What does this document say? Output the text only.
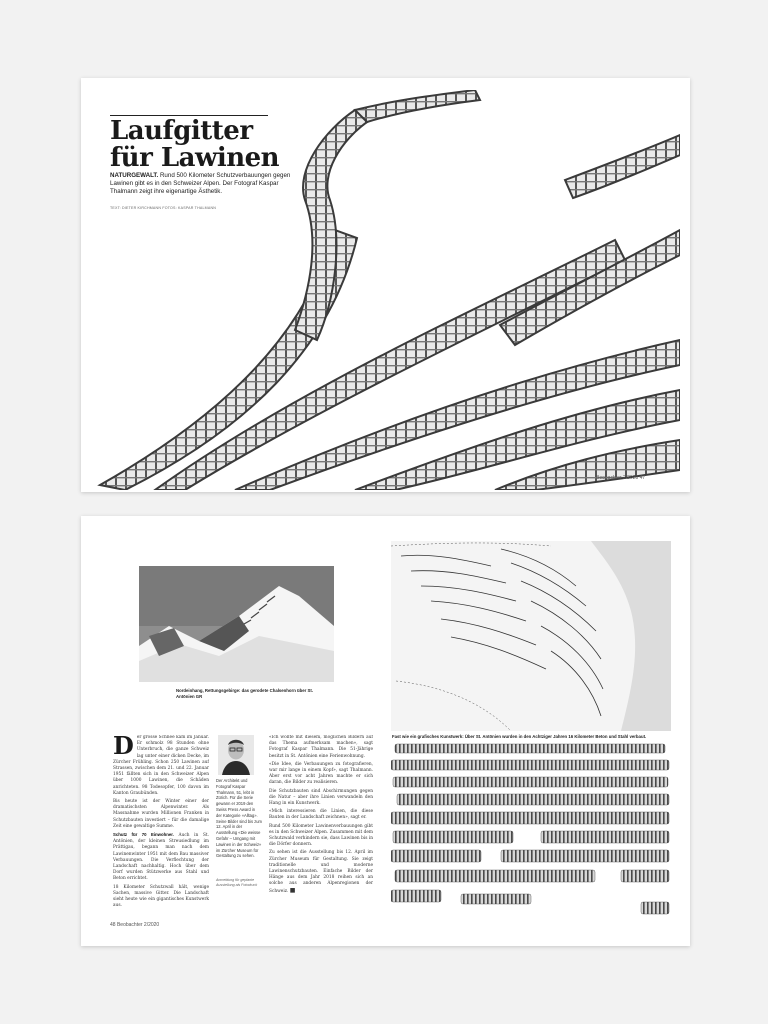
Laufgitter
für Lawinen
NATURGEWALT. Rund 500 Kilometer Schutzverbauungen gegen Lawinen gibt es in den Schweizer Alpen. Der Fotograf Kaspar Thalmann zeigt ihre eigenartige Ästhetik.
TEXT: DIETER KIRCHMANN FOTOS: KASPAR THALMANN
Beobachter 2/2020 47
Nordeinhang, Rettungsgebirge: das gerodete Chalsenhorn über St. Antönien GR
Fast wie ein grafisches Kunstwerk: Über St. Antönien wurden in den Achtziger Jahren 16 Kilometer Beton und Stahl verbaut.

D er grosse Schnee kam im Januar. Er schmolz 98 Stunden ohne Unterbruch, die ganze Schweiz lag unter einer dicken Decke, im Zürcher Frühling. Schon 250 Lawinen auf Strassen, zwischen dem 21. und 22. Januar 1951 fällten sich in den Schweizer Alpen über 1000 Lawinen, die Schäden anrichteten. 98 Todesopfer, 100 davon im Kanton Graubünden.

Bis heute ist der Winter einer der dramatischsten Alpenwinter. Als Massnahme wurden Millionen Franken in Schutzbauten investiert – für die damalige Zeit eine gewaltige Summe.

Schutz für 70 Einwohner. Auch in St. Antönien, der kleinen Streusiedlung im Prättigau, begann man nach dem Lawinenwinter 1951 mit dem Bau massiver Verbauungen. Die Verflechtung der Landschaft nachhaltig. Hoch über dem Dorf wurden Stützwerke aus Stahl und Beton errichtet.

18 Kilometer Schutzwall hält, wenige Sachen, massive Gitter. Die Landschaft sieht heute wie ein gigantisches Kunstwerk aus.

Der Architekt und Fotograf Kaspar Thalmann, 51, lebt in Zürich. Für die Serie gewann er 2019 den Swiss Press Award in der Kategorie «Alltag». Seine Bilder sind bis zum 12. April in der Ausstellung «Die weisse Gefahr – Umgang mit Lawinen in der Schweiz» im Zürcher Museum für Gestaltung zu sehen.
Anmeldung für geplante Ausstellung als Fotodruck

«Ich wollte mit diesem, möglichen Bildern auf das Thema aufmerksam machen», sagt Fotograf Kaspar Thalmann. Die 51-Jährige besitzt in St. Antönien eine Ferienwohnung.

«Die Idee, die Verbauungen zu fotografieren, war mir lange in einem Kopf», sagt Thalmann. Aber erst vor acht Jahren machte er sich daran, die Bilder zu realisieren.

Die Schutzbauten sind Abschirmungen gegen die Natur – aber ihre Linien verwandeln den Hang in ein Kunstwerk.

«Mich interessieren die Linien, die diese Bauten in der Landschaft zeichnen», sagt er.

Rund 500 Kilometer Lawinenverbauungen gibt es in den Schweizer Alpen. Zusammen mit dem Schutzwald verhindern sie, dass Lawinen bis in die Dörfer donnern.

Zu sehen ist die Ausstellung bis 12. April im Zürcher Museum für Gestaltung. Sie zeigt traditionelle und moderne Lawinenschutzbauten. Einfache Bilder der Hänge aus dem Jahr 2018 reihen sich an solche aus anderen Alpenregionen der Schweiz. ■

48 Beobachter 2/2020
